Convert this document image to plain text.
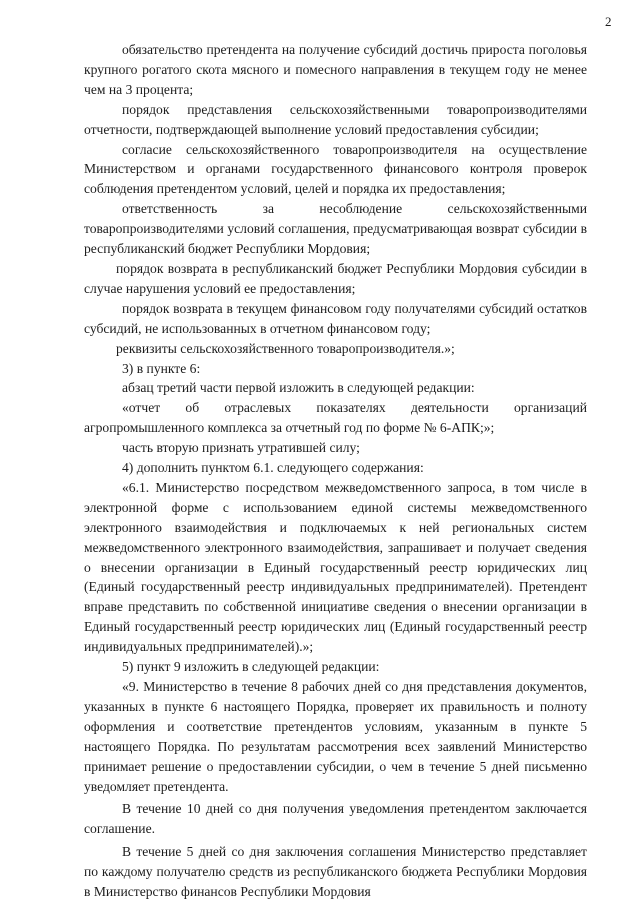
2

обязательство претендента на получение субсидий достичь прироста поголовья крупного рогатого скота мясного и помесного направления в текущем году не менее чем на 3 процента;

порядок представления сельскохозяйственными товаропроизводителями отчетности, подтверждающей выполнение условий предоставления субсидии;

согласие сельскохозяйственного товаропроизводителя на осуществление Министерством и органами государственного финансового контроля проверок соблюдения претендентом условий, целей и порядка их предоставления;

ответственность за несоблюдение сельскохозяйственными товаропроизводителями условий соглашения, предусматривающая возврат субсидии в республиканский бюджет Республики Мордовия;

порядок возврата в республиканский бюджет Республики Мордовия субсидии в случае нарушения условий ее предоставления;

порядок возврата в текущем финансовом году получателями субсидий остатков субсидий, не использованных в отчетном финансовом году;

реквизиты сельскохозяйственного товаропроизводителя.»;

3) в пункте 6:

абзац третий части первой изложить в следующей редакции:

«отчет об отраслевых показателях деятельности организаций агропромышленного комплекса за отчетный год по форме № 6-АПК;»;

часть вторую признать утратившей силу;

4) дополнить пунктом 6.1. следующего содержания:

«6.1. Министерство посредством межведомственного запроса, в том числе в электронной форме с использованием единой системы межведомственного электронного взаимодействия и подключаемых к ней региональных систем межведомственного электронного взаимодействия, запрашивает и получает сведения о внесении организации в Единый государственный реестр юридических лиц (Единый государственный реестр индивидуальных предпринимателей). Претендент вправе представить по собственной инициативе сведения о внесении организации в Единый государственный реестр юридических лиц (Единый государственный реестр индивидуальных предпринимателей).»;

5) пункт 9 изложить в следующей редакции:

«9. Министерство в течение 8 рабочих дней со дня представления документов, указанных в пункте 6 настоящего Порядка, проверяет их правильность и полноту оформления и соответствие претендентов условиям, указанным в пункте 5 настоящего Порядка. По результатам рассмотрения всех заявлений Министерство принимает решение о предоставлении субсидии, о чем в течение 5 дней письменно уведомляет претендента.

В течение 10 дней со дня получения уведомления претендентом заключается соглашение.

В течение 5 дней со дня заключения соглашения Министерство представляет по каждому получателю средств из республиканского бюджета Республики Мордовия в Министерство финансов Республики Мордовия
